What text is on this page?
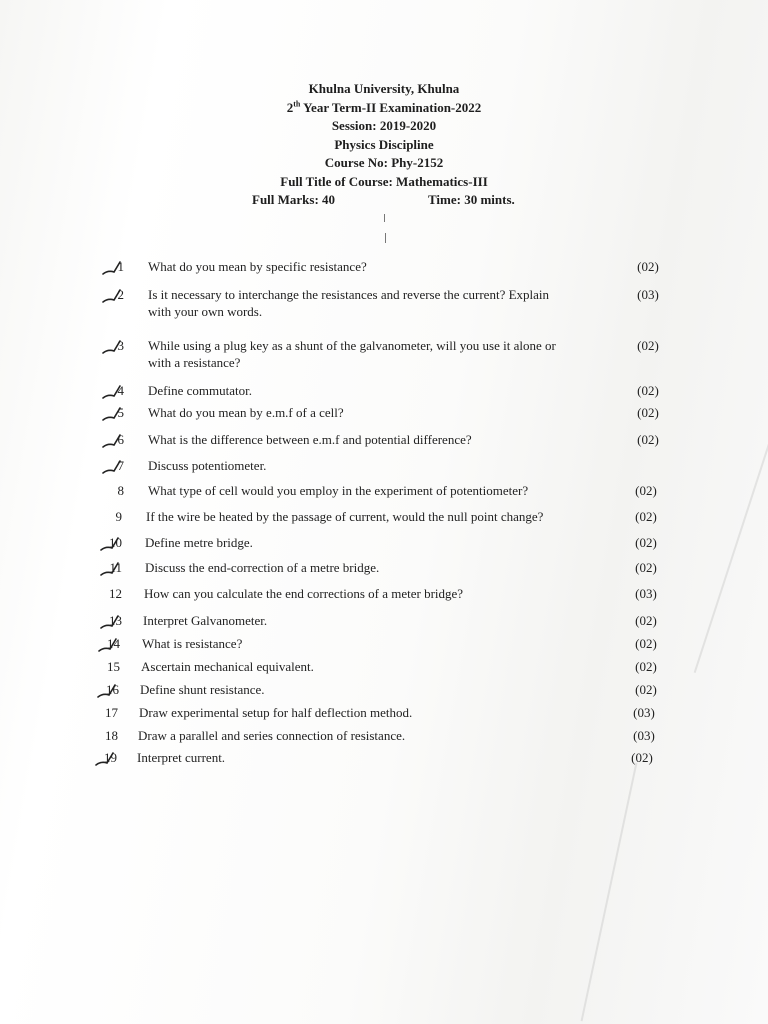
Khulna University, Khulna
2th Year Term-II Examination-2022
Session: 2019-2020
Physics Discipline
Course No: Phy-2152
Full Title of Course: Mathematics-III
Full Marks: 40	Time: 30 mints.
1 What do you mean by specific resistance?	(02)
2 Is it necessary to interchange the resistances and reverse the current? Explain
with your own words.
(03)
3 While using a plug key as a shunt of the galvanometer, will you use it alone or
with a resistance?
(02)
4 Define commutator.	(02)
5 What do you mean by e.m.f of a cell?	(02)
6 What is the difference between e.m.f and potential difference?	(02)
7 Discuss potentiometer.
8 What type of cell would you employ in the experiment of potentiometer?	(02)
9 If the wire be heated by the passage of current, would the null point change?	(02)
10 Define metre bridge.	(02)
11 Discuss the end-correction of a metre bridge.	(02)
12 How can you calculate the end corrections of a meter bridge?	(03)
13 Interpret Galvanometer.	(02)
14 What is resistance?	(02)
15 Ascertain mechanical equivalent.	(02)
16 Define shunt resistance.	(02)
17 Draw experimental setup for half deflection method.	(03)
18 Draw a parallel and series connection of resistance.	(03)
19 Interpret current.	(02)
